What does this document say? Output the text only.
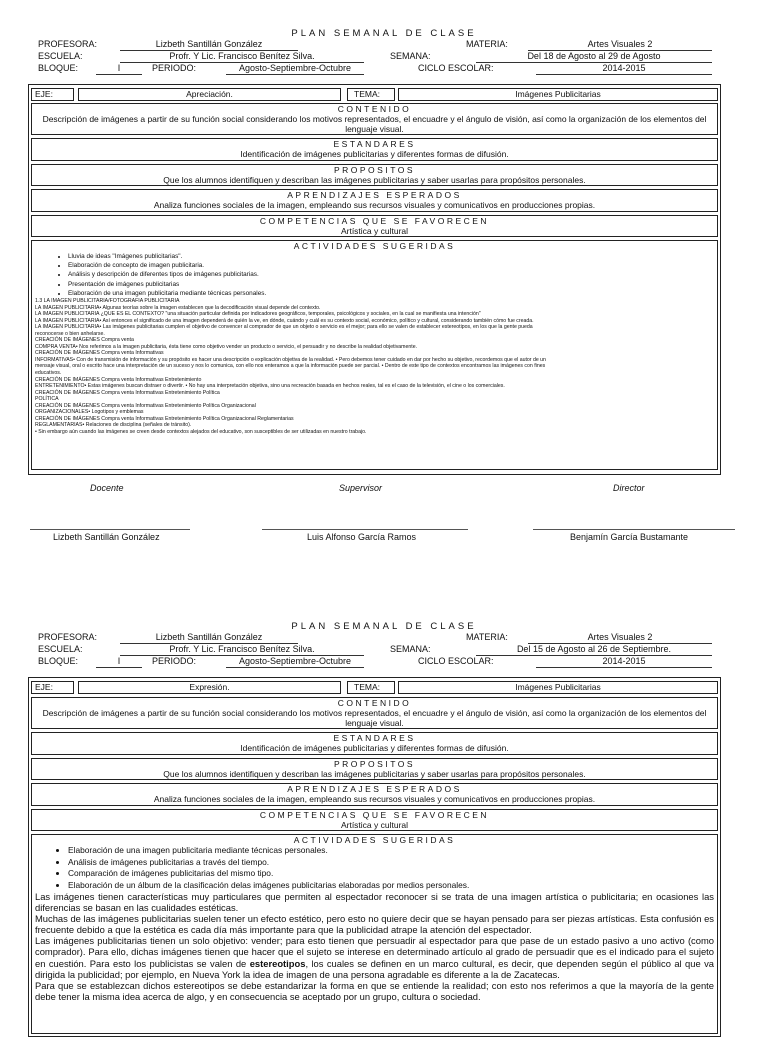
PLAN SEMANAL DE CLASE
PROFESORA:	Lizbeth Santillán González	MATERIA:	Artes Visuales 2
ESCUELA:	Profr. Y Lic. Francisco Benítez Silva.	SEMANA:	Del 18 de Agosto al 29 de Agosto
BLOQUE:	I	PERIODO:	Agosto-Septiembre-Octubre	CICLO ESCOLAR:	2014-2015
EJE:	Apreciación.	TEMA:	Imágenes Publicitarias
CONTENIDO
Descripción de imágenes a partir de su función social considerando los motivos representados, el encuadre y el ángulo de visión, así como la organización de los elementos del lenguaje visual.
ESTANDARES
Identificación de imágenes publicitarias y diferentes formas de difusión.
PROPOSITOS
Que los alumnos identifiquen y describan las imágenes publicitarias y saber usarlas para propósitos personales.
APRENDIZAJES ESPERADOS
Analiza funciones sociales de la imagen, empleando sus recursos visuales y comunicativos en producciones propias.
COMPETENCIAS QUE SE FAVORECEN
Artística y cultural
ACTIVIDADES SUGERIDAS
• Lluvia de ideas "Imágenes publicitarias".
• Elaboración de concepto de imagen publicitaria.
• Análisis y descripción de diferentes tipos de imágenes publicitarias.
• Presentación de imágenes publicitarias
• Elaboración de una imagen publicitaria mediante técnicas personales.
1.3 LA IMAGEN PUBLICITARIA/FOTOGRAFÍA PUBLICITARIA
LA IMAGEN PUBLICITARIA• Algunas teorías sobre la imagen establecen que la decodificación visual depende del contexto.
LA IMAGEN PUBLICITARIA ¿QUE ES EL CONTEXTO? "una situación particular definida por indicadores geográficos, temporales, psicológicos y sociales, en la cual se manifiesta una intención"
LA IMAGEN PUBLICITARIA• Así entonces el significado de una imagen dependerá de quién la ve, en dónde, cuándo y cuál es su contexto social, económico, político y cultural, considerando también cómo fue creada.
LA IMAGEN PUBLICITARIA• Las imágenes publicitarias cumplen el objetivo de convencer al comprador de que un objeto o servicio es el mejor; para ello se valen de establecer estereotipos, en los que la gente pueda
reconocerse o bien anhelarse.
CREACIÓN DE IMÁGENES Compra venta
COMPRA VENTA• Nos referimos a la imagen publicitaria, ésta tiene como objetivo vender un producto o servicio, el persuadir y no describe la realidad objetivamente.
CREACIÓN DE IMÁGENES Compra venta Informativas
INFORMATIVAS• Con de transmisión de información y su propósito es hacer una descripción o explicación objetiva de la realidad. • Pero debemos tener cuidado en dar por hecho su objetivo, recordemos que el autor de un
mensaje visual, oral o escrito hace una interpretación de un suceso y nos lo comunica, con ello nos enteramos a que la información puede ser parcial. • Dentro de este tipo de contextos encontramos las imágenes con fines
educativos.
CREACIÓN DE IMÁGENES Compra venta Informativas Entretenimiento
ENTRETENIMIENTO• Estas imágenes buscan distraer o divertir. • No hay una interpretación objetiva, sino una recreación basada en hechos reales, tal es el caso de la televisión, el cine o los comerciales.
CREACIÓN DE IMÁGENES Compra venta Informativas Entretenimiento Política
POLÍTICA
CREACIÓN DE IMÁGENES Compra venta Informativas Entretenimiento Política Organizacional
ORGANIZACIONALES• Logotipos y emblemas
CREACIÓN DE IMÁGENES Compra venta Informativas Entretenimiento Política Organizacional Reglamentarias
REGLAMENTARIAS• Relaciones de disciplina (señales de tránsito).
• Sin embargo aún cuando las imágenes se creen desde contextos alejados del educativo, son susceptibles de ser utilizadas en nuestro trabajo.
Docente	Supervisor	Director
Lizbeth Santillán González	Luis Alfonso García Ramos	Benjamín García Bustamante
PLAN SEMANAL DE CLASE
PROFESORA:	Lizbeth Santillán González	MATERIA:	Artes Visuales 2
ESCUELA:	Profr. Y Lic. Francisco Benítez Silva.	SEMANA:	Del 15 de Agosto al 26 de Septiembre.
BLOQUE:	I	PERIODO:	Agosto-Septiembre-Octubre	CICLO ESCOLAR:	2014-2015
EJE:	Expresión.	TEMA:	Imágenes Publicitarias
CONTENIDO
Descripción de imágenes a partir de su función social considerando los motivos representados, el encuadre y el ángulo de visión, así como la organización de los elementos del lenguaje visual.
ESTANDARES
Identificación de imágenes publicitarias y diferentes formas de difusión.
PROPOSITOS
Que los alumnos identifiquen y describan las imágenes publicitarias y saber usarlas para propósitos personales.
APRENDIZAJES ESPERADOS
Analiza funciones sociales de la imagen, empleando sus recursos visuales y comunicativos en producciones propias.
COMPETENCIAS QUE SE FAVORECEN
Artística y cultural
ACTIVIDADES SUGERIDAS
• Elaboración de una imagen publicitaria mediante técnicas personales.
• Análisis de imágenes publicitarias a través del tiempo.
• Comparación de imágenes publicitarias del mismo tipo.
• Elaboración de un álbum de la clasificación delas imágenes publicitarias elaboradas por medios personales.
Las imágenes tienen características muy particulares que permiten al espectador reconocer si se trata de una imagen artística o publicitaria; en ocasiones las diferencias se basan en las cualidades estéticas.
Muchas de las imágenes publicitarias suelen tener un efecto estético, pero esto no quiere decir que se hayan pensado para ser piezas artísticas. Esta confusión es frecuente debido a que la estética es cada día más importante para que la publicidad atrape la atención del espectador.
Las imágenes publicitarias tienen un solo objetivo: vender; para esto tienen que persuadir al espectador para que pase de un estado pasivo a uno activo (como comprador). Para ello, dichas imágenes tienen que hacer que el sujeto se interese en determinado artículo al grado de persuadir que es el indicado para el sujeto en cuestión. Para esto los publicistas se valen de estereotipos, los cuales se definen en un marco cultural, es decir, que dependen según el público al que va dirigida la publicidad; por ejemplo, en Nueva York la idea de imagen de una persona agradable es diferente a la de Zacatecas.
Para que se establezcan dichos estereotipos se debe estandarizar la forma en que se entiende la realidad; con esto nos referimos a que la mayoría de la gente debe tener la misma idea acerca de algo, y en consecuencia se aceptado por un grupo, cultura o sociedad.
